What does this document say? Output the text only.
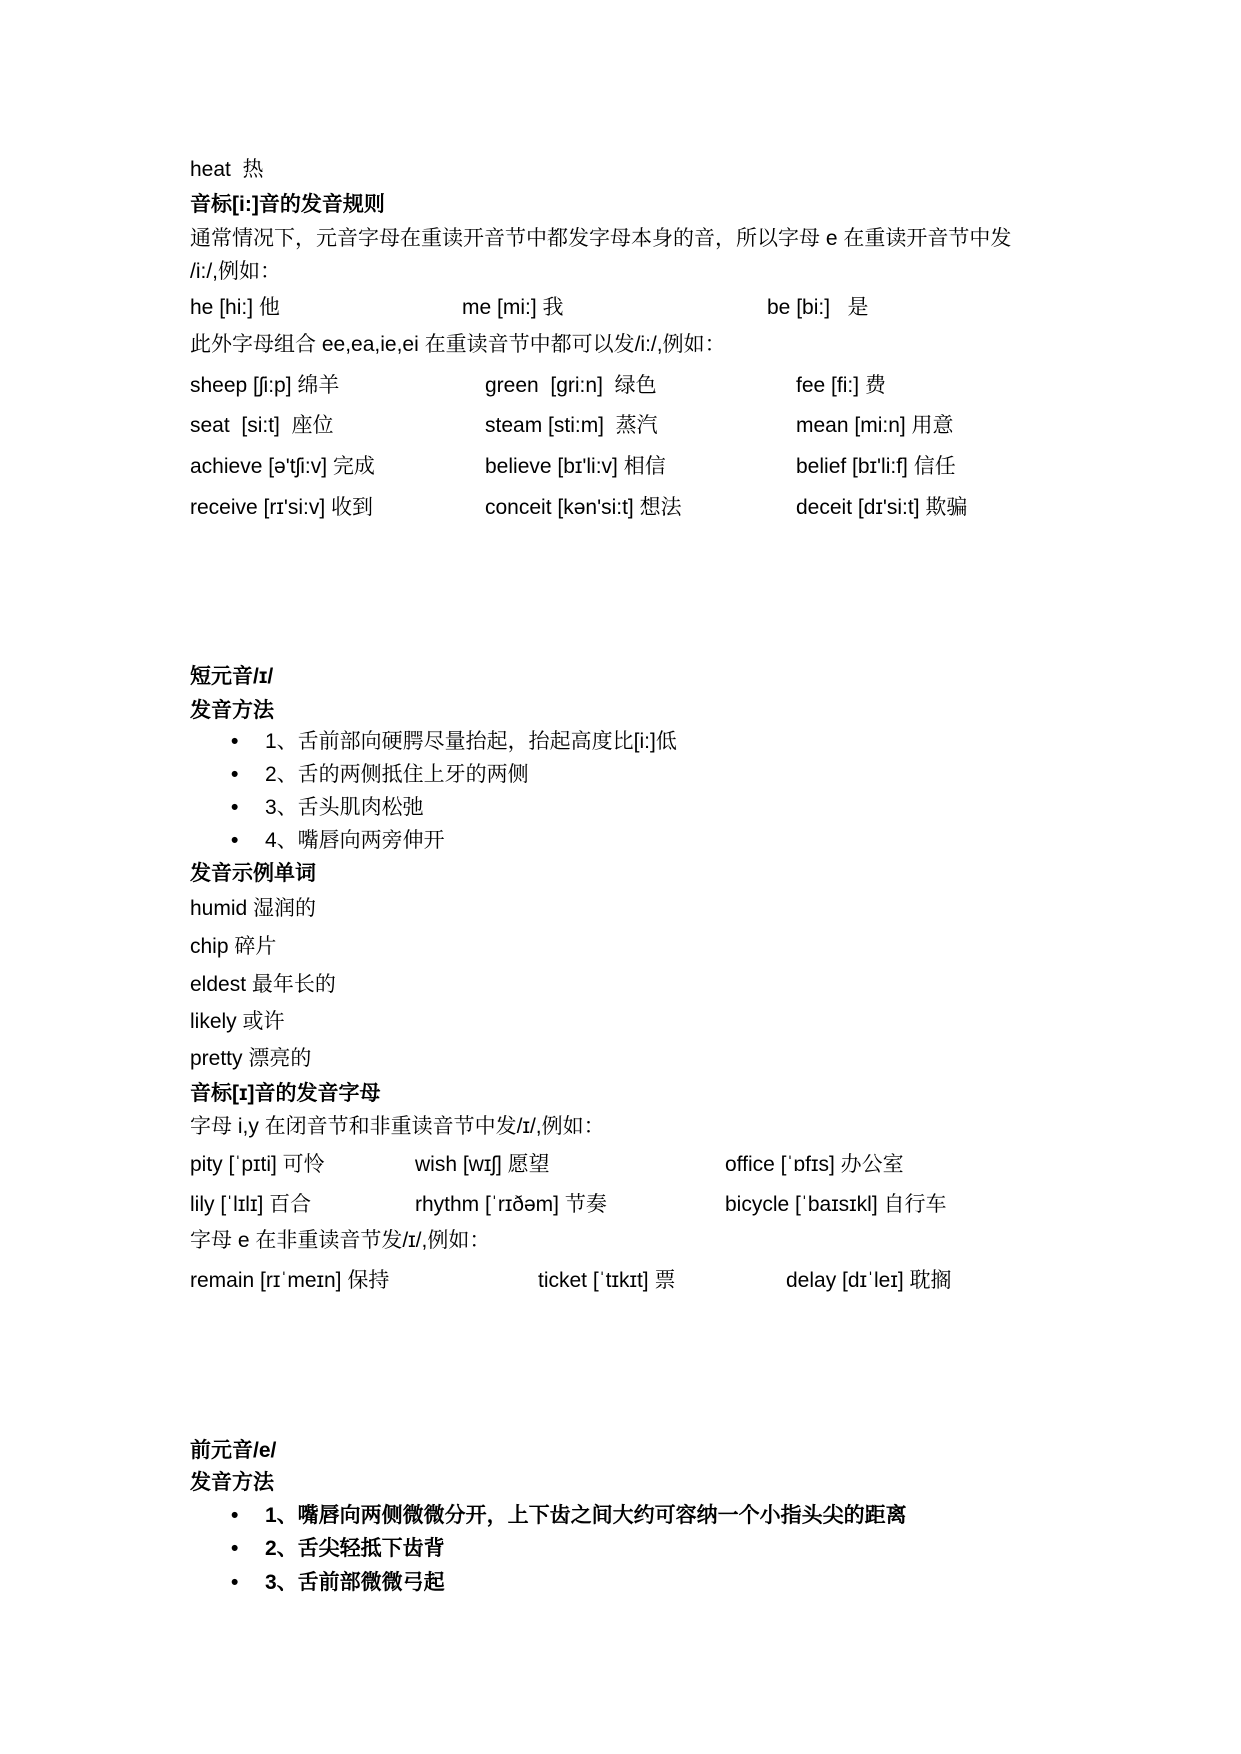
heat  热
音标[i:]音的发音规则
通常情况下，元音字母在重读开音节中都发字母本身的音，所以字母 e 在重读开音节中发
/i:/,例如：
he [hi:] 他	me [mi:] 我	be [bi:]   是
此外字母组合 ee,ea,ie,ei 在重读音节中都可以发/i:/,例如：
sheep [ʃi:p] 绵羊	green  [gri:n]  绿色	fee [fi:] 费
seat  [si:t]  座位	steam [sti:m]  蒸汽	mean [mi:n] 用意
achieve [ə'tʃi:v] 完成	believe [bɪ'li:v] 相信	belief [bɪ'li:f] 信任
receive [rɪ'si:v] 收到	conceit [kən'si:t] 想法	deceit [dɪ'si:t] 欺骗
短元音/ɪ/
发音方法
• 1、舌前部向硬腭尽量抬起，抬起高度比[i:]低
• 2、舌的两侧抵住上牙的两侧
• 3、舌头肌肉松弛
• 4、嘴唇向两旁伸开
发音示例单词
humid 湿润的
chip 碎片
eldest 最年长的
likely 或许
pretty 漂亮的
音标[ɪ]音的发音字母
字母 i,y 在闭音节和非重读音节中发/ɪ/,例如：
pity [ˈpɪti] 可怜	wish [wɪʃ] 愿望	office [ˈɒfɪs] 办公室
lily [ˈlɪlɪ] 百合	rhythm [ˈrɪðəm] 节奏	bicycle [ˈbaɪsɪkl] 自行车
字母 e 在非重读音节发/ɪ/,例如：
remain [rɪˈmeɪn] 保持	ticket [ˈtɪkɪt] 票	delay [dɪˈleɪ] 耽搁
前元音/e/
发音方法
• 1、嘴唇向两侧微微分开，上下齿之间大约可容纳一个小指头尖的距离
• 2、舌尖轻抵下齿背
• 3、舌前部微微弓起
